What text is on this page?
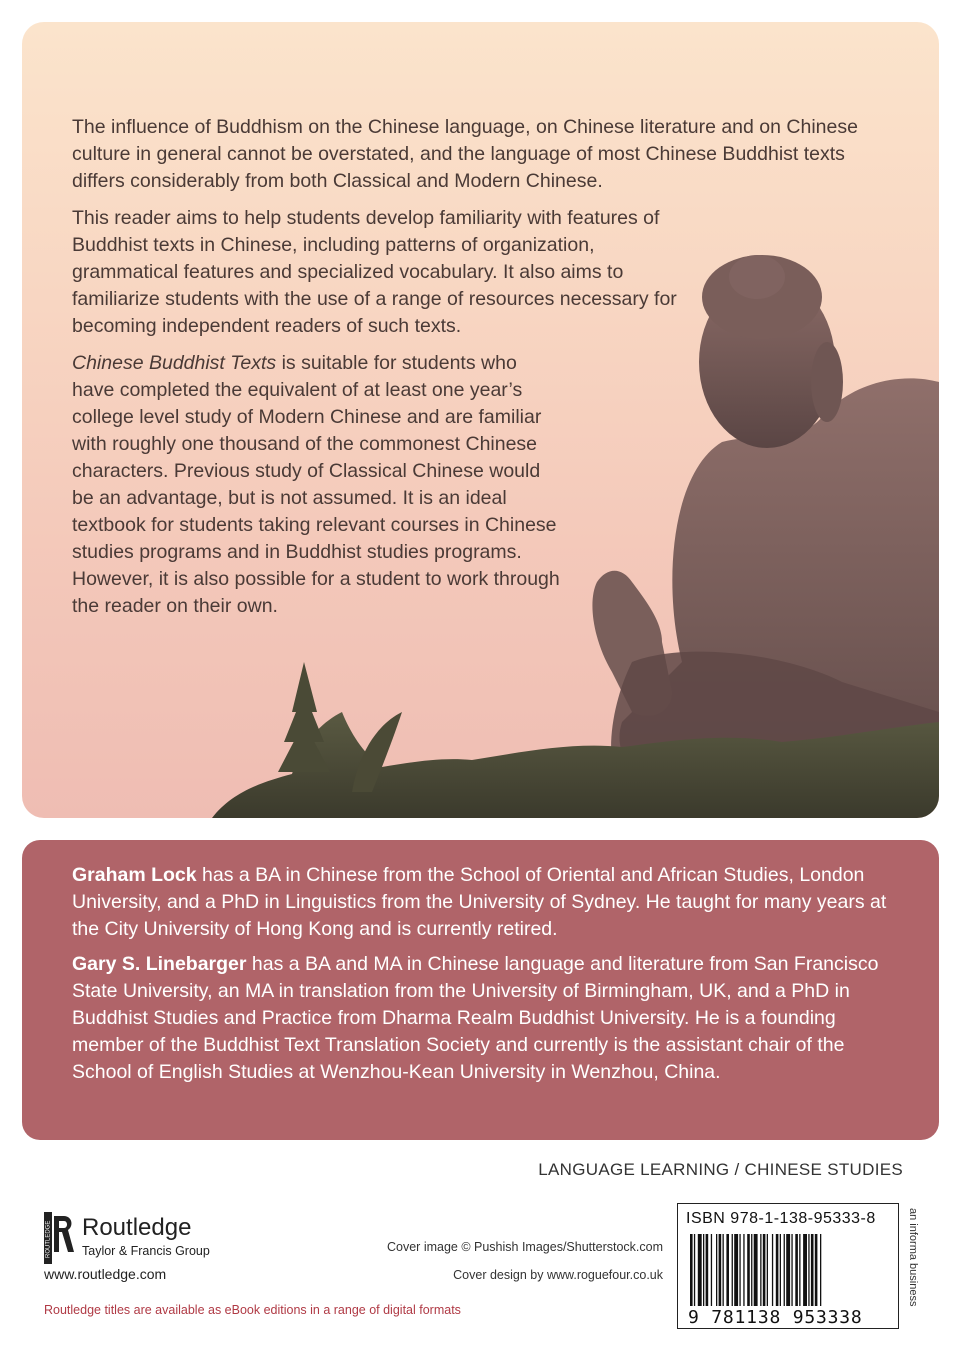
The influence of Buddhism on the Chinese language, on Chinese literature and on Chinese culture in general cannot be overstated, and the language of most Chinese Buddhist texts differs considerably from both Classical and Modern Chinese.

This reader aims to help students develop familiarity with features of Buddhist texts in Chinese, including patterns of organization, grammatical features and specialized vocabulary. It also aims to familiarize students with the use of a range of resources necessary for becoming independent readers of such texts.

Chinese Buddhist Texts is suitable for students who have completed the equivalent of at least one year’s college level study of Modern Chinese and are familiar with roughly one thousand of the commonest Chinese characters. Previous study of Classical Chinese would be an advantage, but is not assumed. It is an ideal textbook for students taking relevant courses in Chinese studies programs and in Buddhist studies programs. However, it is also possible for a student to work through the reader on their own.

Graham Lock has a BA in Chinese from the School of Oriental and African Studies, London University, and a PhD in Linguistics from the University of Sydney. He taught for many years at the City University of Hong Kong and is currently retired.

Gary S. Linebarger has a BA and MA in Chinese language and literature from San Francisco State University, an MA in translation from the University of Birmingham, UK, and a PhD in Buddhist Studies and Practice from Dharma Realm Buddhist University. He is a founding member of the Buddhist Text Translation Society and currently is the assistant chair of the School of English Studies at Wenzhou-Kean University in Wenzhou, China.

LANGUAGE LEARNING / CHINESE STUDIES
ROUTLEDGE Routledge
Taylor & Francis Group
www.routledge.com
Routledge titles are available as eBook editions in a range of digital formats
Cover image © Pushish Images/Shutterstock.com
Cover design by www.roguefour.co.uk
ISBN 978-1-138-95333-8
9 781138 953338
an informa business
